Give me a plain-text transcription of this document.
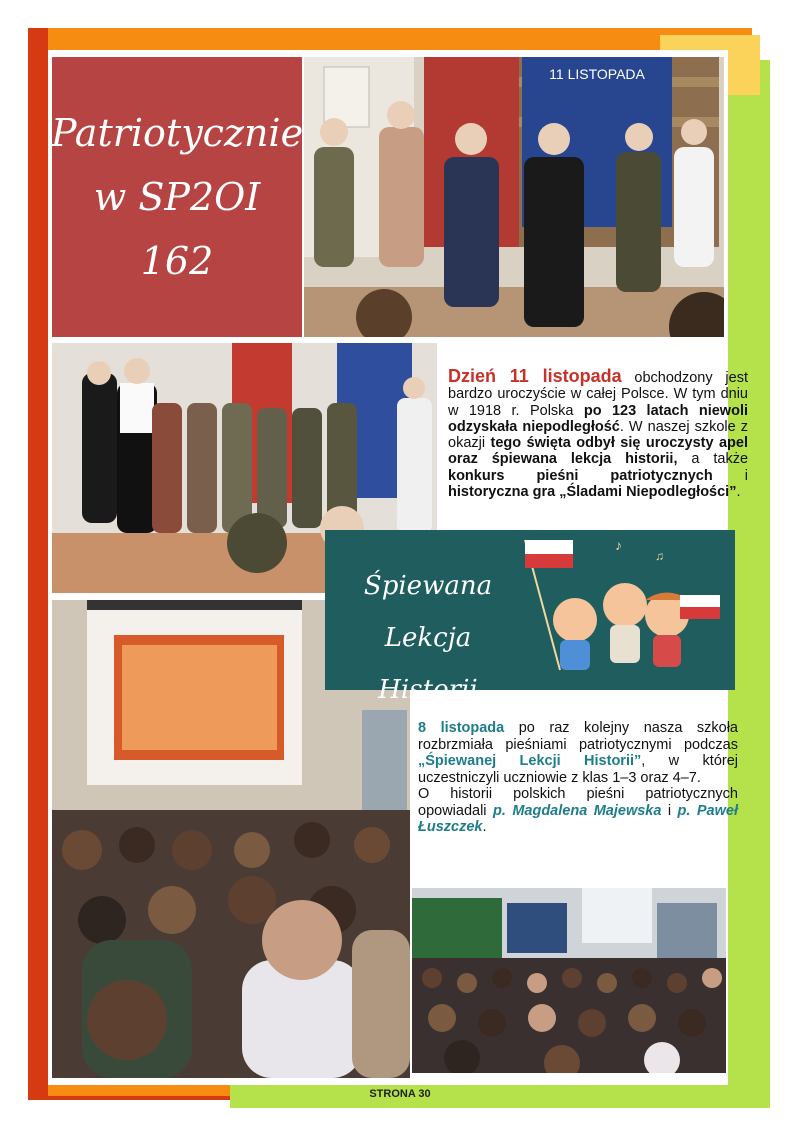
Patriotycznie
w SP2OI 162
11 LISTOPADA
Dzień 11 listopada obchodzony jest bardzo uroczyście w całej Polsce. W tym dniu w 1918 r. Polska po 123 latach niewoli odzyskała niepodległość. W naszej szkole z okazji tego święta odbył się uroczysty apel oraz śpiewana lekcja historii, a także konkurs pieśni patriotycznych i historyczna gra „Śladami Niepodległości”.
Śpiewana
Lekcja Historii
♪
♫

8 listopada po raz kolejny nasza szkoła rozbrzmiała pieśniami patriotycznymi podczas „Śpiewanej Lekcji Historii”, w której uczestniczyli uczniowie z klas 1–3 oraz 4–7.

O historii polskich pieśni patriotycznych opowiadali p. Magdalena Majewska i p. Paweł Łuszczek.

STRONA 30
